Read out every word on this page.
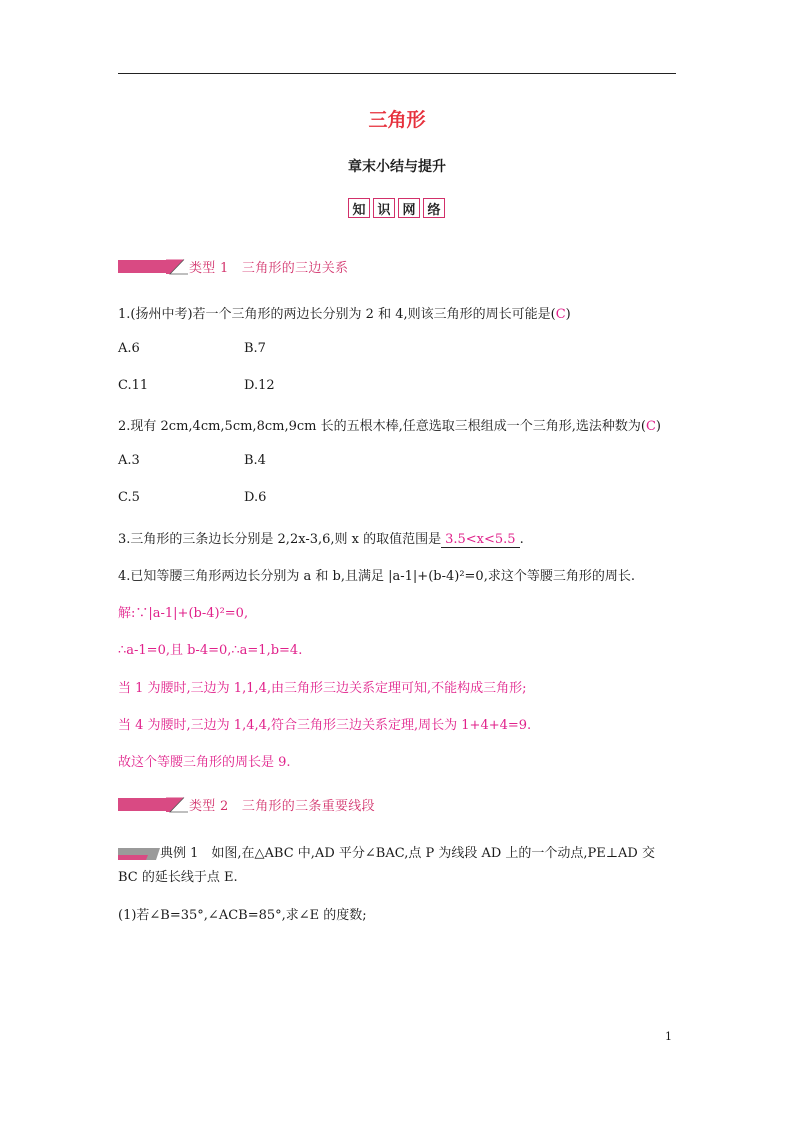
三角形
章末小结与提升
知 识 网 络
类型 1　三角形的三边关系
1.(扬州中考)若一个三角形的两边长分别为 2 和 4,则该三角形的周长可能是(C)
A.6	B.7
C.11	D.12
2.现有 2cm,4cm,5cm,8cm,9cm 长的五根木棒,任意选取三根组成一个三角形,选法种数为(C)
A.3	B.4
C.5	D.6
3.三角形的三条边长分别是 2,2x-3,6,则 x 的取值范围是 3.5<x<5.5 .
4.已知等腰三角形两边长分别为 a 和 b,且满足 |a-1|+(b-4)²=0,求这个等腰三角形的周长.
解:∵|a-1|+(b-4)²=0,
∴a-1=0,且 b-4=0,∴a=1,b=4.
当 1 为腰时,三边为 1,1,4,由三角形三边关系定理可知,不能构成三角形;
当 4 为腰时,三边为 1,4,4,符合三角形三边关系定理,周长为 1+4+4=9.
故这个等腰三角形的周长是 9.
类型 2　三角形的三条重要线段
典例 1　如图,在△ABC 中,AD 平分∠BAC,点 P 为线段 AD 上的一个动点,PE⊥AD 交
BC 的延长线于点 E.
(1)若∠B=35°,∠ACB=85°,求∠E 的度数;
1
